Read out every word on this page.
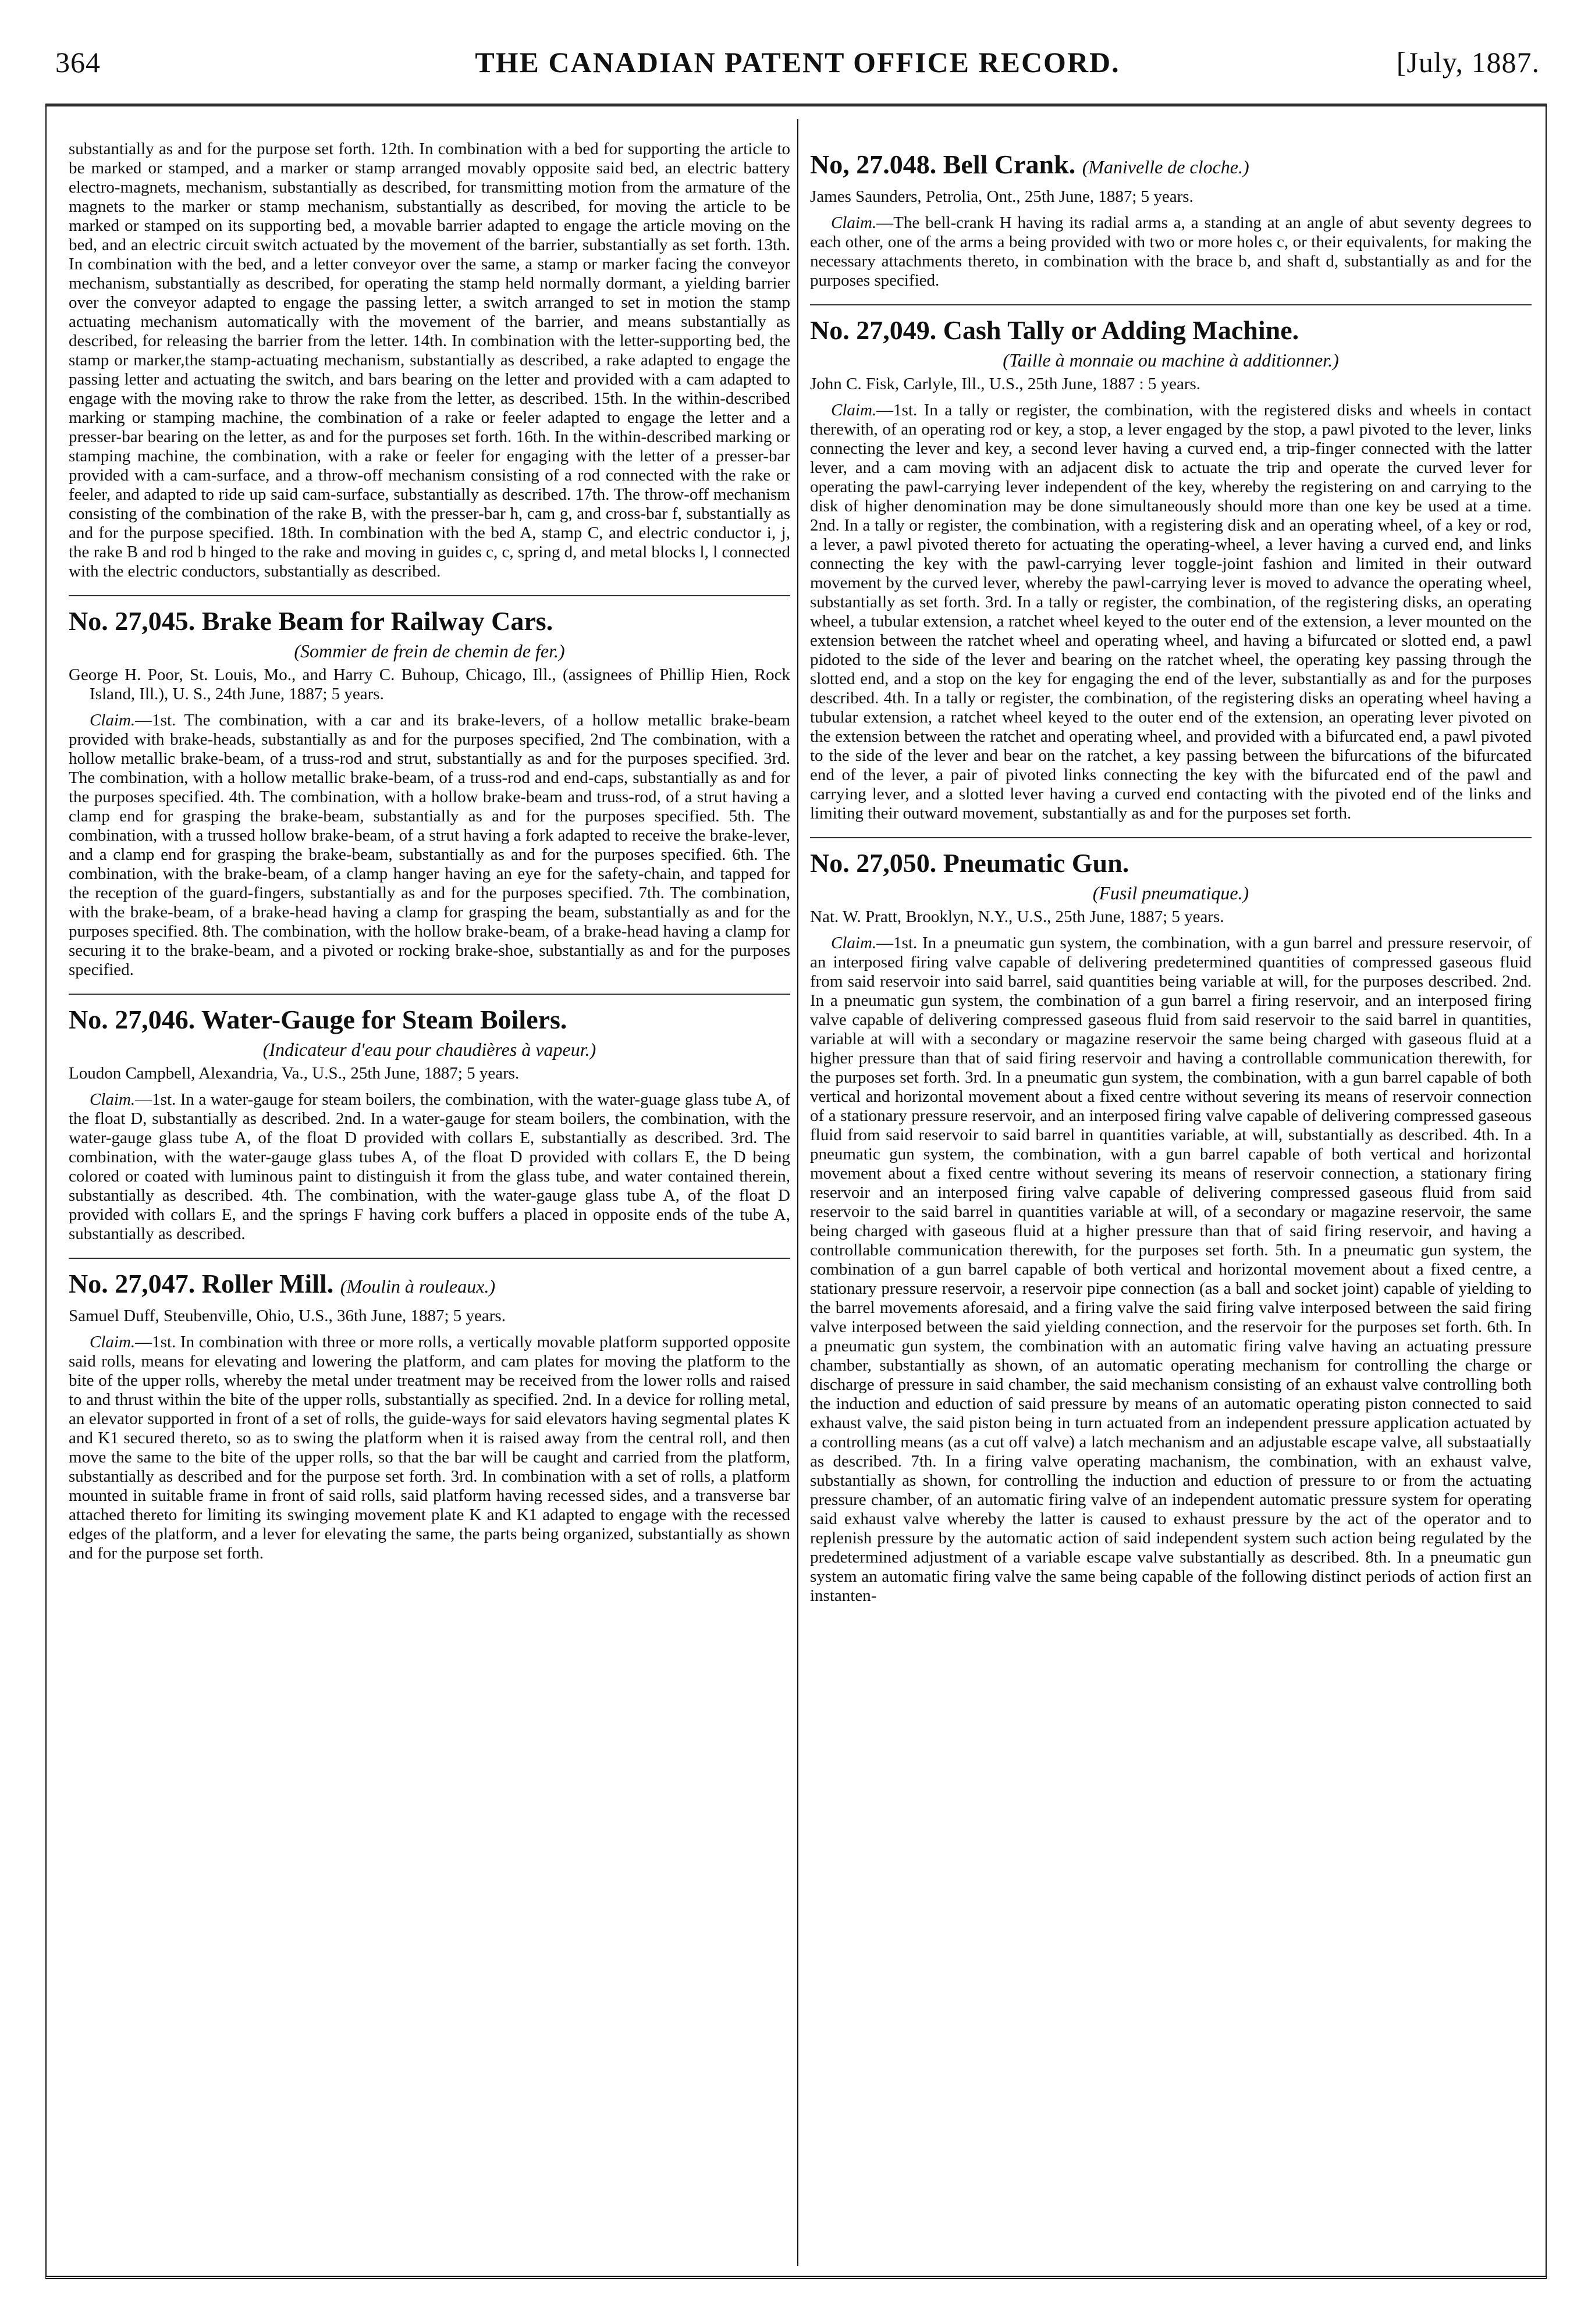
364	THE CANADIAN PATENT OFFICE RECORD.	[July, 1887.

substantially as and for the purpose set forth. 12th. In combination with a bed for supporting the article to be marked or stamped, and a marker or stamp arranged movably opposite said bed, an electric battery electro-magnets, mechanism, substantially as described, for transmitting motion from the armature of the magnets to the marker or stamp mechanism, substantially as described, for moving the article to be marked or stamped on its supporting bed, a movable barrier adapted to engage the article moving on the bed, and an electric circuit switch actuated by the movement of the barrier, substantially as set forth. 13th. In combination with the bed, and a letter conveyor over the same, a stamp or marker facing the conveyor mechanism, substantially as described, for operating the stamp held normally dormant, a yielding barrier over the conveyor adapted to engage the passing letter, a switch arranged to set in motion the stamp actuating mechanism automatically with the movement of the barrier, and means substantially as described, for releasing the barrier from the letter. 14th. In combination with the letter-supporting bed, the stamp or marker,the stamp-actuating mechanism, substantially as described, a rake adapted to engage the passing letter and actuating the switch, and bars bearing on the letter and provided with a cam adapted to engage with the moving rake to throw the rake from the letter, as described. 15th. In the within-described marking or stamping machine, the combination of a rake or feeler adapted to engage the letter and a presser-bar bearing on the letter, as and for the purposes set forth. 16th. In the within-described marking or stamping machine, the combination, with a rake or feeler for engaging with the letter of a presser-bar provided with a cam-surface, and a throw-off mechanism consisting of a rod connected with the rake or feeler, and adapted to ride up said cam-surface, substantially as described. 17th. The throw-off mechanism consisting of the combination of the rake B, with the presser-bar h, cam g, and cross-bar f, substantially as and for the purpose specified. 18th. In combination with the bed A, stamp C, and electric conductor i, j, the rake B and rod b hinged to the rake and moving in guides c, c, spring d, and metal blocks l, l connected with the electric conductors, substantially as described.

No. 27,045. Brake Beam for Railway Cars.
(Sommier de frein de chemin de fer.)

George H. Poor, St. Louis, Mo., and Harry C. Buhoup, Chicago, Ill., (assignees of Phillip Hien, Rock Island, Ill.), U. S., 24th June, 1887; 5 years.

Claim.—1st. The combination, with a car and its brake-levers, of a hollow metallic brake-beam provided with brake-heads, substantially as and for the purposes specified, 2nd The combination, with a hollow metallic brake-beam, of a truss-rod and strut, substantially as and for the purposes specified. 3rd. The combination, with a hollow metallic brake-beam, of a truss-rod and end-caps, substantially as and for the purposes specified. 4th. The combination, with a hollow brake-beam and truss-rod, of a strut having a clamp end for grasping the brake-beam, substantially as and for the purposes specified. 5th. The combination, with a trussed hollow brake-beam, of a strut having a fork adapted to receive the brake-lever, and a clamp end for grasping the brake-beam, substantially as and for the purposes specified. 6th. The combination, with the brake-beam, of a clamp hanger having an eye for the safety-chain, and tapped for the reception of the guard-fingers, substantially as and for the purposes specified. 7th. The combination, with the brake-beam, of a brake-head having a clamp for grasping the beam, substantially as and for the purposes specified. 8th. The combination, with the hollow brake-beam, of a brake-head having a clamp for securing it to the brake-beam, and a pivoted or rocking brake-shoe, substantially as and for the purposes specified.

No. 27,046. Water-Gauge for Steam Boilers.
(Indicateur d'eau pour chaudières à vapeur.)

Loudon Campbell, Alexandria, Va., U.S., 25th June, 1887; 5 years.

Claim.—1st. In a water-gauge for steam boilers, the combination, with the water-guage glass tube A, of the float D, substantially as described. 2nd. In a water-gauge for steam boilers, the combination, with the water-gauge glass tube A, of the float D provided with collars E, substantially as described. 3rd. The combination, with the water-gauge glass tubes A, of the float D provided with collars E, the D being colored or coated with luminous paint to distinguish it from the glass tube, and water contained therein, substantially as described. 4th. The combination, with the water-gauge glass tube A, of the float D provided with collars E, and the springs F having cork buffers a placed in opposite ends of the tube A, substantially as described.

No. 27,047. Roller Mill. (Moulin à rouleaux.)

Samuel Duff, Steubenville, Ohio, U.S., 36th June, 1887; 5 years.

Claim.—1st. In combination with three or more rolls, a vertically movable platform supported opposite said rolls, means for elevating and lowering the platform, and cam plates for moving the platform to the bite of the upper rolls, whereby the metal under treatment may be received from the lower rolls and raised to and thrust within the bite of the upper rolls, substantially as specified. 2nd. In a device for rolling metal, an elevator supported in front of a set of rolls, the guide-ways for said elevators having segmental plates K and K1 secured thereto, so as to swing the platform when it is raised away from the central roll, and then move the same to the bite of the upper rolls, so that the bar will be caught and carried from the platform, substantially as described and for the purpose set forth. 3rd. In combination with a set of rolls, a platform mounted in suitable frame in front of said rolls, said platform having recessed sides, and a transverse bar attached thereto for limiting its swinging movement plate K and K1 adapted to engage with the recessed edges of the platform, and a lever for elevating the same, the parts being organized, substantially as shown and for the purpose set forth.

No, 27.048. Bell Crank. (Manivelle de cloche.)

James Saunders, Petrolia, Ont., 25th June, 1887; 5 years.

Claim.—The bell-crank H having its radial arms a, a standing at an angle of abut seventy degrees to each other, one of the arms a being provided with two or more holes c, or their equivalents, for making the necessary attachments thereto, in combination with the brace b, and shaft d, substantially as and for the purposes specified.

No. 27,049. Cash Tally or Adding Machine.
(Taille à monnaie ou machine à additionner.)

John C. Fisk, Carlyle, Ill., U.S., 25th June, 1887 : 5 years.

Claim.—1st. In a tally or register, the combination, with the registered disks and wheels in contact therewith, of an operating rod or key, a stop, a lever engaged by the stop, a pawl pivoted to the lever, links connecting the lever and key, a second lever having a curved end, a trip-finger connected with the latter lever, and a cam moving with an adjacent disk to actuate the trip and operate the curved lever for operating the pawl-carrying lever independent of the key, whereby the registering on and carrying to the disk of higher denomination may be done simultaneously should more than one key be used at a time. 2nd. In a tally or register, the combination, with a registering disk and an operating wheel, of a key or rod, a lever, a pawl pivoted thereto for actuating the operating-wheel, a lever having a curved end, and links connecting the key with the pawl-carrying lever toggle-joint fashion and limited in their outward movement by the curved lever, whereby the pawl-carrying lever is moved to advance the operating wheel, substantially as set forth. 3rd. In a tally or register, the combination, of the registering disks, an operating wheel, a tubular extension, a ratchet wheel keyed to the outer end of the extension, a lever mounted on the extension between the ratchet wheel and operating wheel, and having a bifurcated or slotted end, a pawl pidoted to the side of the lever and bearing on the ratchet wheel, the operating key passing through the slotted end, and a stop on the key for engaging the end of the lever, substantially as and for the purposes described. 4th. In a tally or register, the combination, of the registering disks an operating wheel having a tubular extension, a ratchet wheel keyed to the outer end of the extension, an operating lever pivoted on the extension between the ratchet and operating wheel, and provided with a bifurcated end, a pawl pivoted to the side of the lever and bear on the ratchet, a key passing between the bifurcations of the bifurcated end of the lever, a pair of pivoted links connecting the key with the bifurcated end of the pawl and carrying lever, and a slotted lever having a curved end contacting with the pivoted end of the links and limiting their outward movement, substantially as and for the purposes set forth.

No. 27,050. Pneumatic Gun.
(Fusil pneumatique.)

Nat. W. Pratt, Brooklyn, N.Y., U.S., 25th June, 1887; 5 years.

Claim.—1st. In a pneumatic gun system, the combination, with a gun barrel and pressure reservoir, of an interposed firing valve capable of delivering predetermined quantities of compressed gaseous fluid from said reservoir into said barrel, said quantities being variable at will, for the purposes described. 2nd. In a pneumatic gun system, the combination of a gun barrel a firing reservoir, and an interposed firing valve capable of delivering compressed gaseous fluid from said reservoir to the said barrel in quantities, variable at will with a secondary or magazine reservoir the same being charged with gaseous fluid at a higher pressure than that of said firing reservoir and having a controllable communication therewith, for the purposes set forth. 3rd. In a pneumatic gun system, the combination, with a gun barrel capable of both vertical and horizontal movement about a fixed centre without severing its means of reservoir connection of a stationary pressure reservoir, and an interposed firing valve capable of delivering compressed gaseous fluid from said reservoir to said barrel in quantities variable, at will, substantially as described. 4th. In a pneumatic gun system, the combination, with a gun barrel capable of both vertical and horizontal movement about a fixed centre without severing its means of reservoir connection, a stationary firing reservoir and an interposed firing valve capable of delivering compressed gaseous fluid from said reservoir to the said barrel in quantities variable at will, of a secondary or magazine reservoir, the same being charged with gaseous fluid at a higher pressure than that of said firing reservoir, and having a controllable communication therewith, for the purposes set forth. 5th. In a pneumatic gun system, the combination of a gun barrel capable of both vertical and horizontal movement about a fixed centre, a stationary pressure reservoir, a reservoir pipe connection (as a ball and socket joint) capable of yielding to the barrel movements aforesaid, and a firing valve the said firing valve interposed between the said firing valve interposed between the said yielding connection, and the reservoir for the purposes set forth. 6th. In a pneumatic gun system, the combination with an automatic firing valve having an actuating pressure chamber, substantially as shown, of an automatic operating mechanism for controlling the charge or discharge of pressure in said chamber, the said mechanism consisting of an exhaust valve controlling both the induction and eduction of said pressure by means of an automatic operating piston connected to said exhaust valve, the said piston being in turn actuated from an independent pressure application actuated by a controlling means (as a cut off valve) a latch mechanism and an adjustable escape valve, all substaatially as described. 7th. In a firing valve operating machanism, the combination, with an exhaust valve, substantially as shown, for controlling the induction and eduction of pressure to or from the actuating pressure chamber, of an automatic firing valve of an independent automatic pressure system for operating said exhaust valve whereby the latter is caused to exhaust pressure by the act of the operator and to replenish pressure by the automatic action of said independent system such action being regulated by the predetermined adjustment of a variable escape valve substantially as described. 8th. In a pneumatic gun system an automatic firing valve the same being capable of the following distinct periods of action first an instanten-
